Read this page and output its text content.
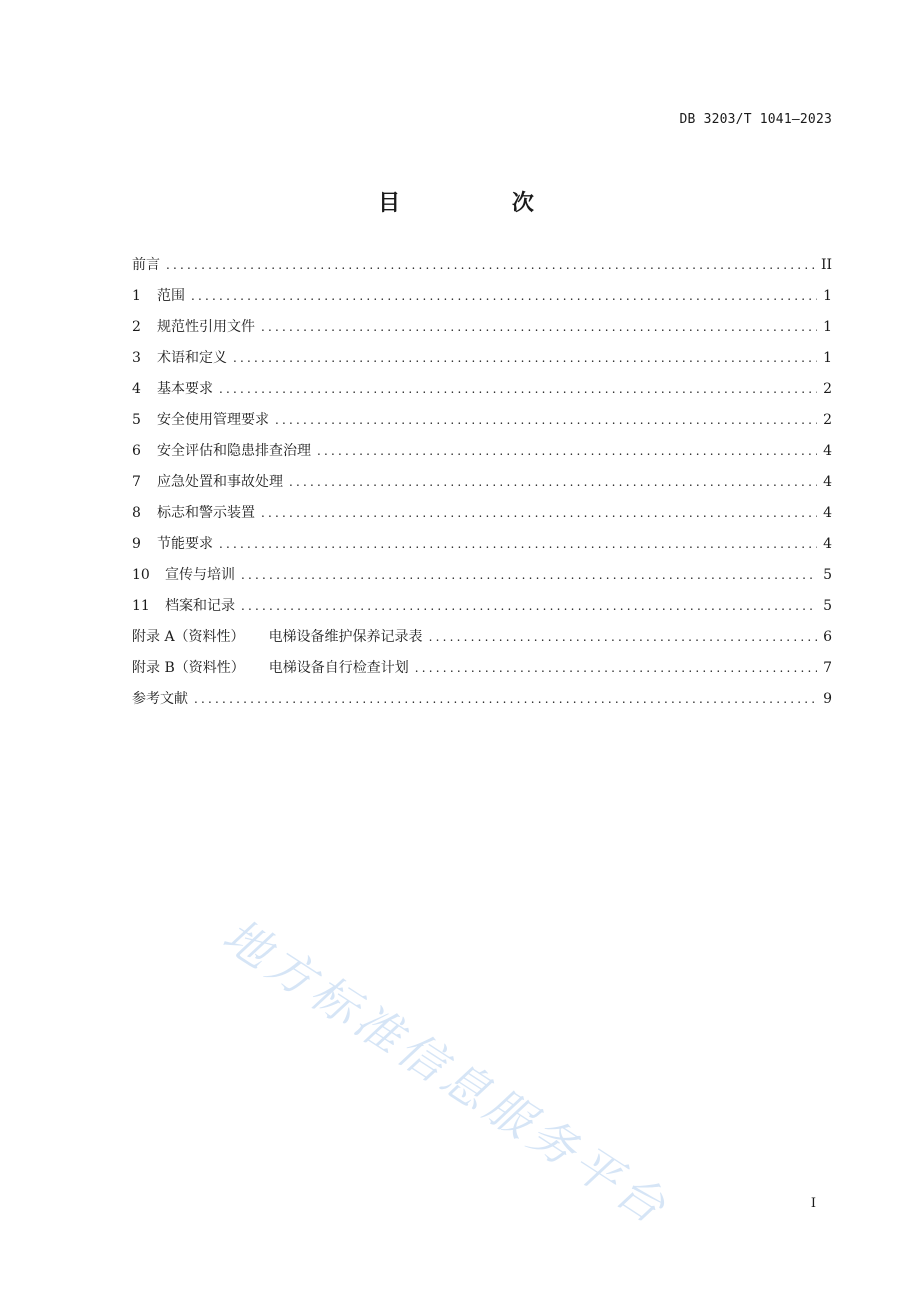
DB 3203/T 1041—2023
目 次
前言 .....	II
1	范围 .....	1
2	规范性引用文件 .....	1
3	术语和定义 .....	1
4	基本要求 .....	2
5	安全使用管理要求 .....	2
6	安全评估和隐患排查治理 .....	4
7	应急处置和事故处理 .....	4
8	标志和警示装置 .....	4
9	节能要求 .....	4
10	宣传与培训 .....	5
11	档案和记录 .....	5
附录 A（资料性） 电梯设备维护保养记录表 .....	6
附录 B（资料性） 电梯设备自行检查计划 .....	7
参考文献 .....	9
地方标准信息服务平台	I
